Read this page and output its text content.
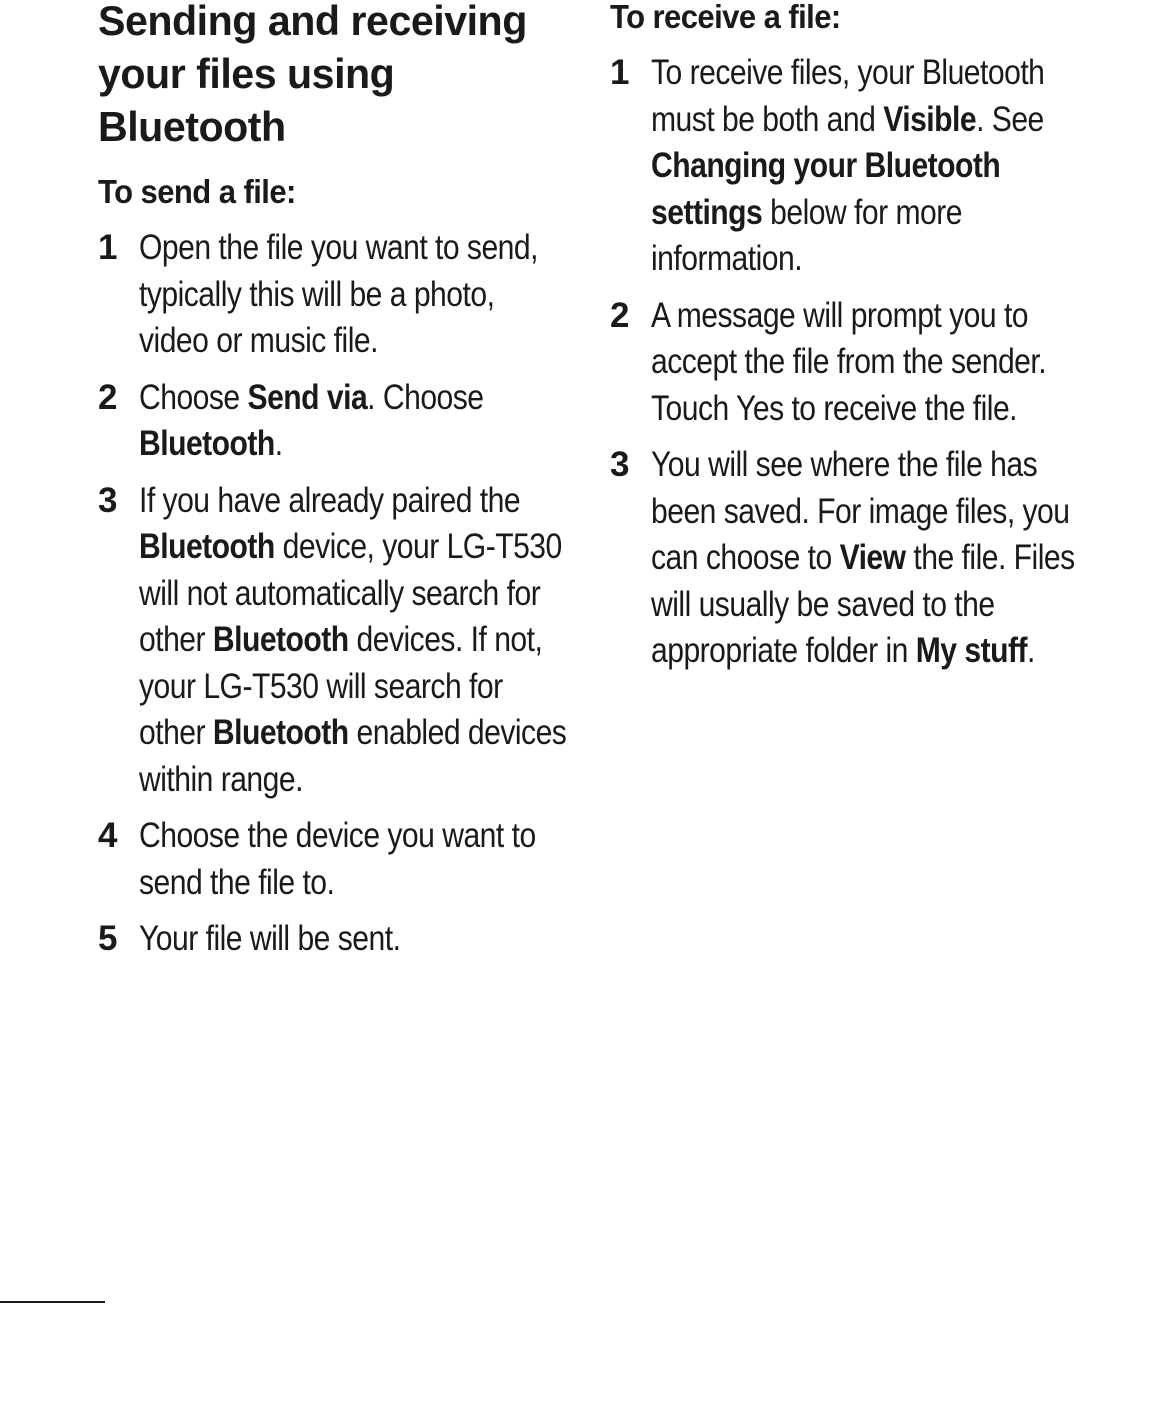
Sending and receiving
your files using
Bluetooth
To send a file:
1 Open the file you want to send, typically this will be a photo, video or music file.
2 Choose Send via. Choose Bluetooth.
3 If you have already paired the Bluetooth device, your LG-T530 will not automatically search for other Bluetooth devices. If not, your LG-T530 will search for other Bluetooth enabled devices within range.
4 Choose the device you want to send the file to.
5 Your file will be sent.
To receive a file:
1 To receive files, your Bluetooth must be both and Visible. See Changing your Bluetooth settings below for more information.
2 A message will prompt you to accept the file from the sender. Touch Yes to receive the file.
3 You will see where the file has been saved. For image files, you can choose to View the file. Files will usually be saved to the appropriate folder in My stuff.
